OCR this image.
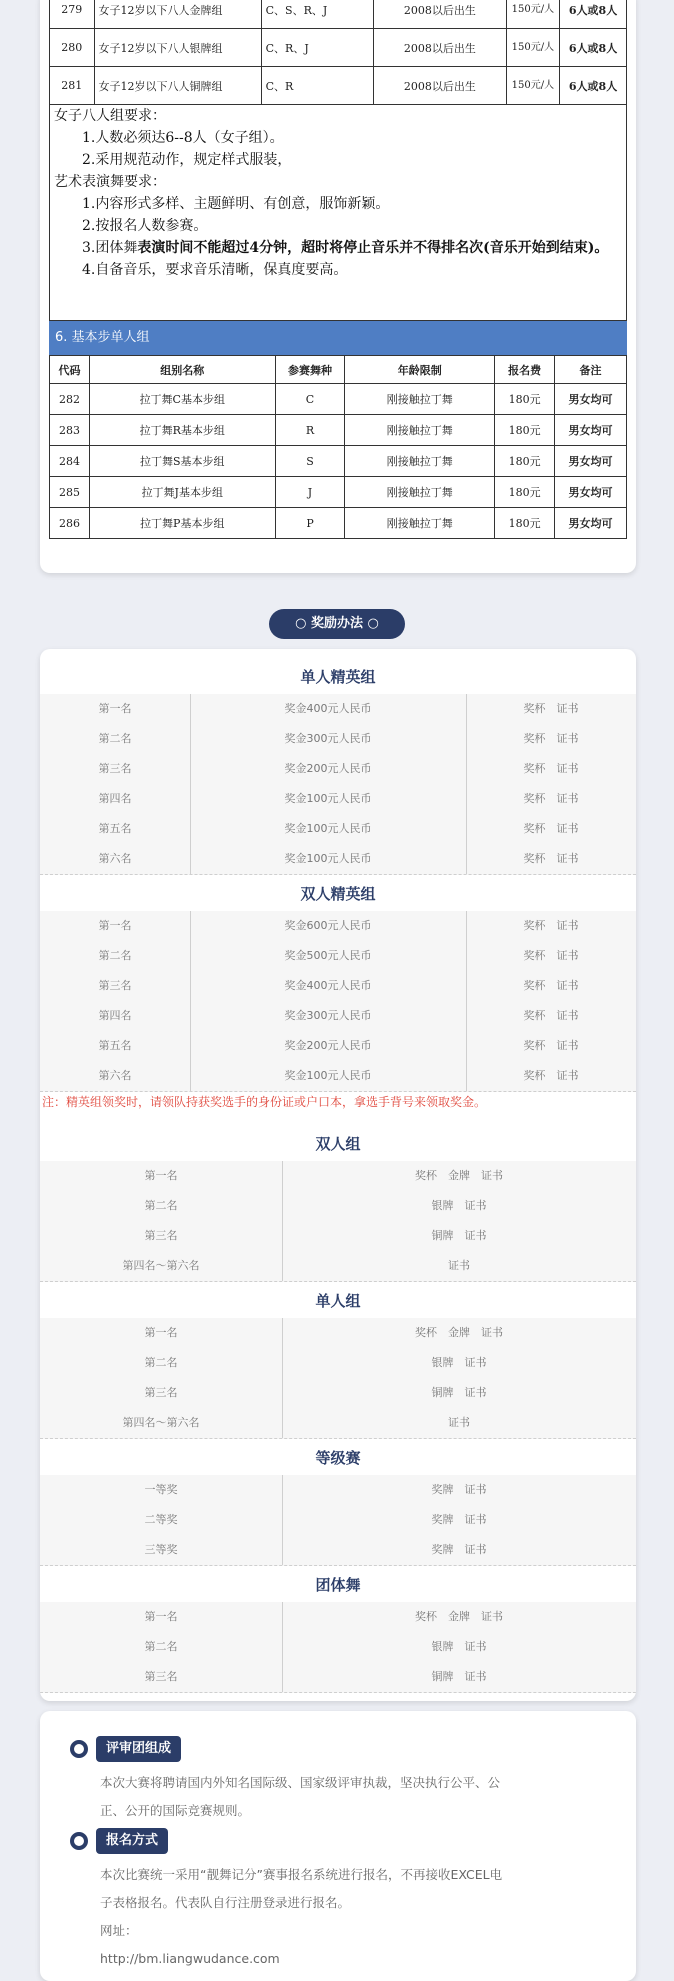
279	女子12岁以下八人金牌组	C、S、R、J	2008以后出生	150元/人	6人或8人
280	女子12岁以下八人银牌组	C、R、J	2008以后出生	150元/人	6人或8人
281	女子12岁以下八人铜牌组	C、R	2008以后出生	150元/人	6人或8人
女子八人组要求：
1.人数必须达6--8人（女子组）。
2.采用规范动作，规定样式服装，
艺术表演舞要求：
1.内容形式多样、主题鲜明、有创意，服饰新颖。
2.按报名人数参赛。
3.团体舞表演时间不能超过4分钟，超时将停止音乐并不得排名次(音乐开始到结束)。
4.自备音乐，要求音乐清晰，保真度要高。
6. 基本步单人组
代码	组别名称	参赛舞种	年龄限制	报名费	备注
282	拉丁舞C基本步组	C	刚接触拉丁舞	180元	男女均可
283	拉丁舞R基本步组	R	刚接触拉丁舞	180元	男女均可
284	拉丁舞S基本步组	S	刚接触拉丁舞	180元	男女均可
285	拉丁舞J基本步组	J	刚接触拉丁舞	180元	男女均可
286	拉丁舞P基本步组	P	刚接触拉丁舞	180元	男女均可
○ 奖励办法 ○
单人精英组
第一名	奖金400元人民币	奖杯　证书
第二名	奖金300元人民币	奖杯　证书
第三名	奖金200元人民币	奖杯　证书
第四名	奖金100元人民币	奖杯　证书
第五名	奖金100元人民币	奖杯　证书
第六名	奖金100元人民币	奖杯　证书
双人精英组
第一名	奖金600元人民币	奖杯　证书
第二名	奖金500元人民币	奖杯　证书
第三名	奖金400元人民币	奖杯　证书
第四名	奖金300元人民币	奖杯　证书
第五名	奖金200元人民币	奖杯　证书
第六名	奖金100元人民币	奖杯　证书
注：精英组领奖时，请领队持获奖选手的身份证或户口本，拿选手背号来领取奖金。
双人组
第一名	奖杯　金牌　证书
第二名	银牌　证书
第三名	铜牌　证书
第四名～第六名	证书
单人组
第一名	奖杯　金牌　证书
第二名	银牌　证书
第三名	铜牌　证书
第四名～第六名	证书
等级赛
一等奖	奖牌　证书
二等奖	奖牌　证书
三等奖	奖牌　证书
团体舞
第一名	奖杯　金牌　证书
第二名	银牌　证书
第三名	铜牌　证书
评审团组成
本次大赛将聘请国内外知名国际级、国家级评审执裁，坚决执行公平、公
正、公开的国际竞赛规则。
报名方式
本次比赛统一采用“靓舞记分”赛事报名系统进行报名，不再接收EXCEL电
子表格报名。代表队自行注册登录进行报名。
网址：
http://bm.liangwudance.com
